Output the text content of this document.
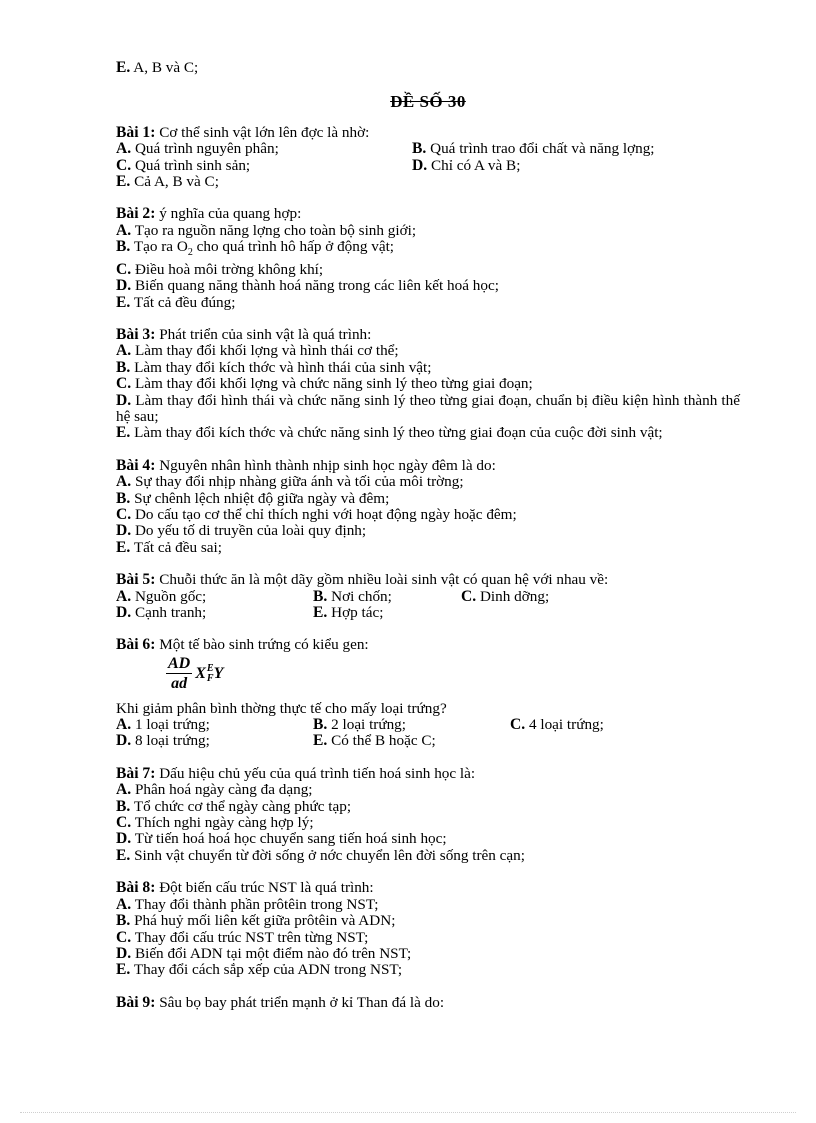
E. A, B và C;
ĐỀ SỐ 30
Bài 1: Cơ thể sinh vật lớn lên đợc là nhờ:
A. Quá trình nguyên phân;	B. Quá trình trao đổi chất và năng lợng;
C. Quá trình sinh sản;	D. Chỉ có A và B;
E. Cả A, B và C;
Bài 2: ý nghĩa của quang hợp:
A. Tạo ra nguồn năng lợng cho toàn bộ sinh giới;
B. Tạo ra $O_2$ cho quá trình hô hấp ở động vật;
C. Điều hoà môi trờng không khí;
D. Biến quang năng thành hoá năng trong các liên kết hoá học;
E. Tất cả đều đúng;
Bài 3: Phát triển của sinh vật là quá trình:
A. Làm thay đổi khối lợng và hình thái cơ thể;
B. Làm thay đổi kích thớc và hình thái của sinh vật;
C. Làm thay đổi khối lợng và chức năng sinh lý theo từng giai đoạn;
D. Làm thay đổi hình thái và chức năng sinh lý theo từng giai đoạn, chuẩn bị điều kiện hình thành thế hệ sau;
E. Làm thay đổi kích thớc và chức năng sinh lý theo từng giai đoạn của cuộc đời sinh vật;
Bài 4: Nguyên nhân hình thành nhịp sinh học ngày đêm là do:
A. Sự thay đổi nhịp nhàng giữa ánh và tối của môi trờng;
B. Sự chênh lệch nhiệt độ giữa ngày và đêm;
C. Do cấu tạo cơ thể chỉ thích nghi với hoạt động ngày hoặc đêm;
D. Do yếu tố di truyền của loài quy định;
E. Tất cả đều sai;
Bài 5: Chuỗi thức ăn là một dãy gồm nhiều loài sinh vật có quan hệ với nhau về:
A. Nguồn gốc;	B. Nơi chốn;	C. Dinh dỡng;
D. Cạnh tranh;	E. Hợp tác;
Bài 6: Một tế bào sinh trứng có kiểu gen:
$\frac{AD}{ad}$ X E
F Y
Khi giảm phân bình thờng thực tế cho mấy loại trứng?
A. 1 loại trứng;	B. 2 loại trứng;	C. 4 loại trứng;
D. 8 loại trứng;	E. Có thể B hoặc C;
Bài 7: Dấu hiệu chủ yếu của quá trình tiến hoá sinh học là:
A. Phân hoá ngày càng đa dạng;
B. Tổ chức cơ thể ngày càng phức tạp;
C. Thích nghi ngày càng hợp lý;
D. Từ tiến hoá hoá học chuyển sang tiến hoá sinh học;
E. Sinh vật chuyển từ đời sống ở nớc chuyển lên đời sống trên cạn;
Bài 8: Đột biến cấu trúc NST là quá trình:
A. Thay đổi thành phần prôtêin trong NST;
B. Phá huỷ mối liên kết giữa prôtêin và ADN;
C. Thay đổi cấu trúc NST trên từng NST;
D. Biến đổi ADN tại một điểm nào đó trên NST;
E. Thay đổi cách sắp xếp của ADN trong NST;
Bài 9: Sâu bọ bay phát triển mạnh ở kỉ Than đá là do:
